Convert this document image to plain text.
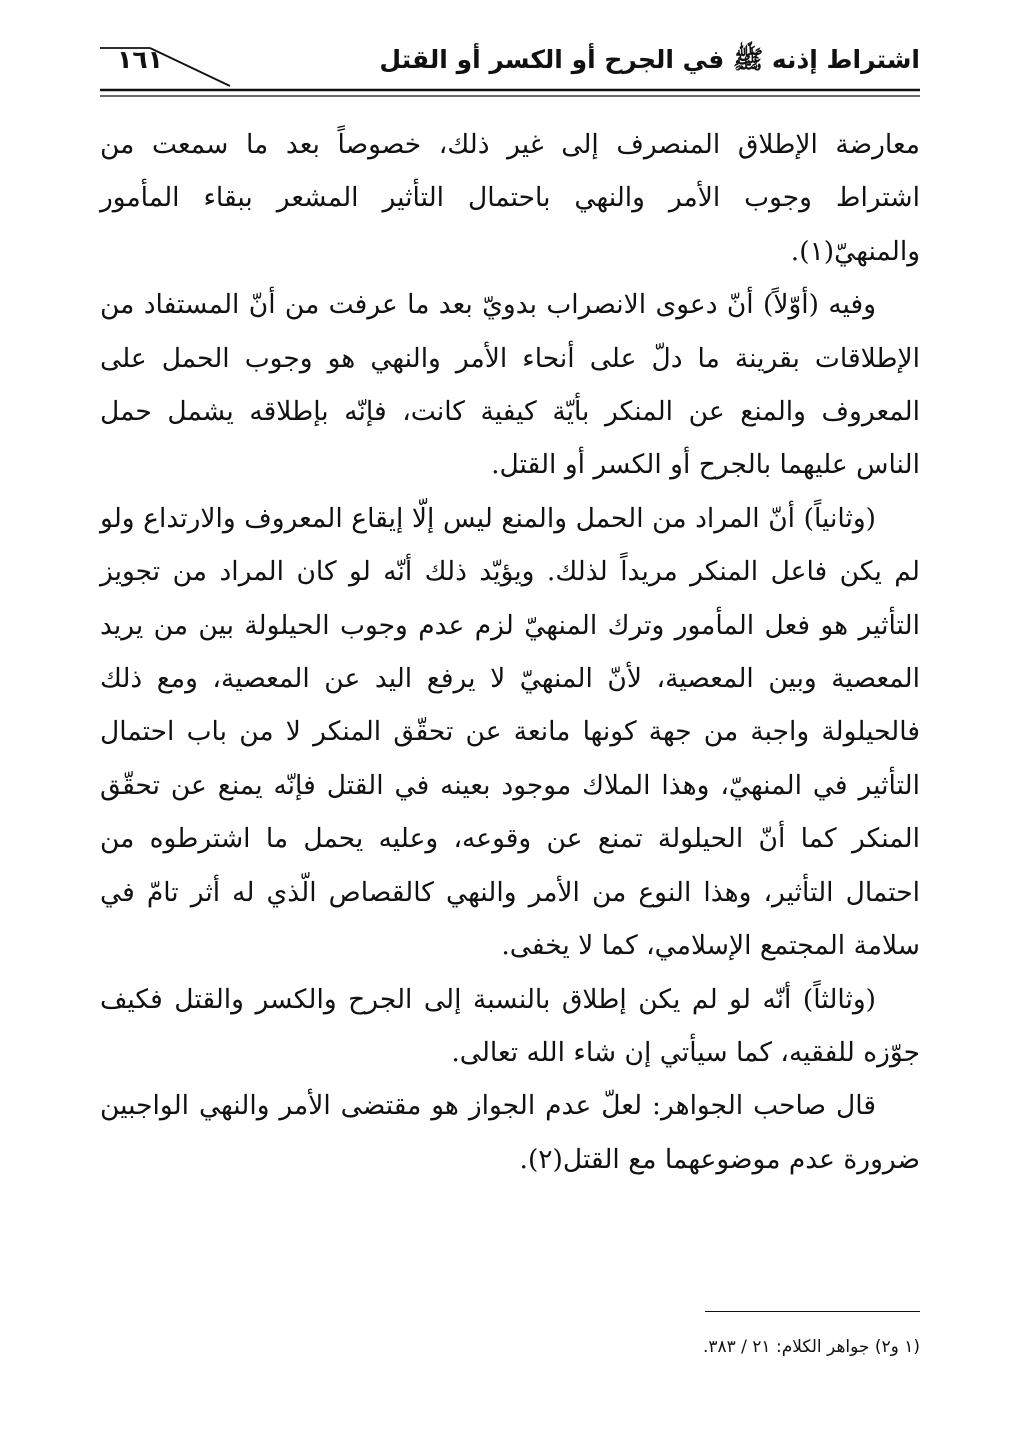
اشتراط إذنه ﷺ في الجرح أو الكسر أو القتل
١٦١

معارضة الإطلاق المنصرف إلى غير ذلك، خصوصاً بعد ما سمعت من اشتراط وجوب الأمر والنهي باحتمال التأثير المشعر ببقاء المأمور والمنهيّ(١).

وفيه (أوّلاً) أنّ دعوى الانصراب بدويّ بعد ما عرفت من أنّ المستفاد من الإطلاقات بقرينة ما دلّ على أنحاء الأمر والنهي هو وجوب الحمل على المعروف والمنع عن المنكر بأيّة كيفية كانت، فإنّه بإطلاقه يشمل حمل الناس عليهما بالجرح أو الكسر أو القتل.

(وثانياً) أنّ المراد من الحمل والمنع ليس إلّا إيقاع المعروف والارتداع ولو لم يكن فاعل المنكر مريداً لذلك. ويؤيّد ذلك أنّه لو كان المراد من تجويز التأثير هو فعل المأمور وترك المنهيّ لزم عدم وجوب الحيلولة بين من يريد المعصية وبين المعصية، لأنّ المنهيّ لا يرفع اليد عن المعصية، ومع ذلك فالحيلولة واجبة من جهة كونها مانعة عن تحقّق المنكر لا من باب احتمال التأثير في المنهيّ، وهذا الملاك موجود بعينه في القتل فإنّه يمنع عن تحقّق المنكر كما أنّ الحيلولة تمنع عن وقوعه، وعليه يحمل ما اشترطوه من احتمال التأثير، وهذا النوع من الأمر والنهي كالقصاص الّذي له أثر تامّ في سلامة المجتمع الإسلامي، كما لا يخفى.

(وثالثاً) أنّه لو لم يكن إطلاق بالنسبة إلى الجرح والكسر والقتل فكيف جوّزه للفقيه، كما سيأتي إن شاء الله تعالى.

قال صاحب الجواهر: لعلّ عدم الجواز هو مقتضى الأمر والنهي الواجبين ضرورة عدم موضوعهما مع القتل(٢).

(١ و٢) جواهر الكلام: ٢١ / ٣٨٣.
